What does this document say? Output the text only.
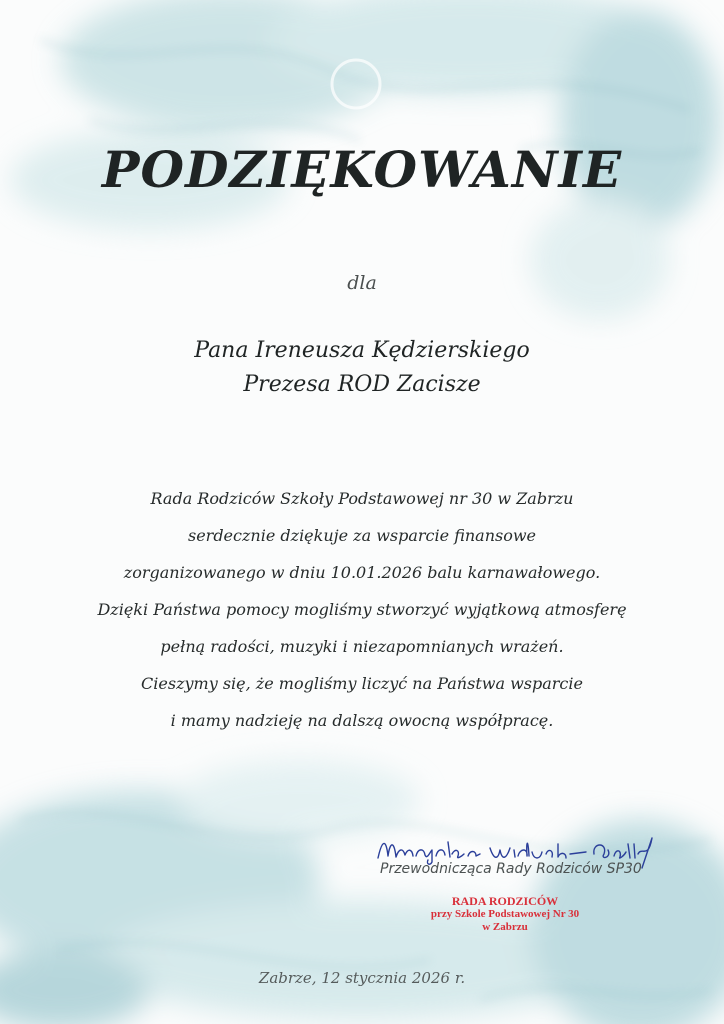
PODZIĘKOWANIE
dla
Pana Ireneusza Kędzierskiego
Prezesa ROD Zacisze
Rada Rodziców Szkoły Podstawowej nr 30 w Zabrzu
serdecznie dziękuje za wsparcie finansowe
zorganizowanego w dniu 10.01.2026 balu karnawałowego.
Dzięki Państwa pomocy mogliśmy stworzyć wyjątkową atmosferę
pełną radości, muzyki i niezapomnianych wrażeń.
Cieszymy się, że mogliśmy liczyć na Państwa wsparcie
i mamy nadzieję na dalszą owocną współpracę.
Przewodnicząca Rady Rodziców SP30
RADA RODZICÓW
przy Szkole Podstawowej Nr 30
w Zabrzu
Zabrze, 12 stycznia 2026 r.
